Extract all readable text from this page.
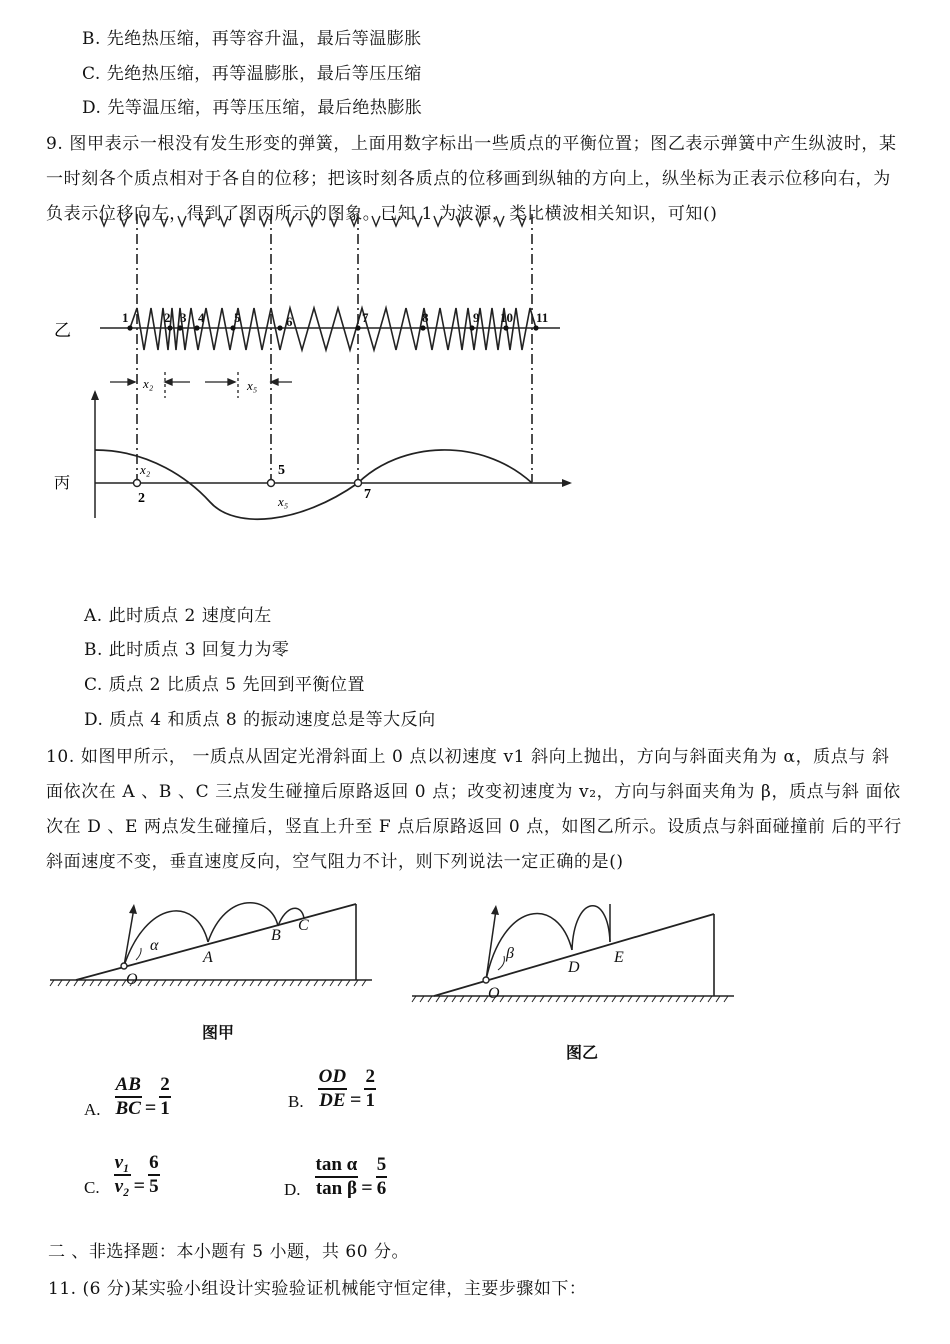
B. 先绝热压缩，再等容升温，最后等温膨胀
C. 先绝热压缩，再等温膨胀，最后等压压缩
D. 先等温压缩，再等压压缩，最后绝热膨胀
9. 图甲表示一根没有发生形变的弹簧，上面用数字标出一些质点的平衡位置；图乙表示弹簧中产生纵波时，某一时刻各个质点相对于各自的位移；把该时刻各质点的位移画到纵轴的方向上，纵坐标为正表示位移向右，为负表示位移向左，得到了图丙所示的图象。已知 1 为波源，类比横波相关知识，可知()
乙
1	2 3 4 5	6	7	8	9 10 11
x₂	x₅
丙
2
5
7
x₂
x₅
A. 此时质点 2 速度向左
B. 此时质点 3 回复力为零
C. 质点 2 比质点 5 先回到平衡位置
D. 质点 4 和质点 8 的振动速度总是等大反向
10. 如图甲所示， 一质点从固定光滑斜面上 0 点以初速度 v1 斜向上抛出，方向与斜面夹角为 α，质点与 斜面依次在 A 、B 、C 三点发生碰撞后原路返回 0 点；改变初速度为 v₂，方向与斜面夹角为 β，质点与斜 面依次在 D 、E 两点发生碰撞后，竖直上升至 F 点后原路返回 0 点，如图乙所示。设质点与斜面碰撞前 后的平行斜面速度不变，垂直速度反向，空气阻力不计，则下列说法一定正确的是()
O
α
A
B
C
图甲
O
β
D
E
图乙
A. $\frac{AB}{BC} = \frac{2}{1}$	B. $\frac{OD}{DE} = \frac{2}{1}$
C. $\frac{\text{v₁}}{\text{v₂}} = \frac{6}{5}$	D. $\frac{\text{tan α}}{\text{tan β}} = \frac{5}{6}$
二 、非选择题：本小题有 5 小题，共 60 分。
11. (6 分)某实验小组设计实验验证机械能守恒定律，主要步骤如下：
